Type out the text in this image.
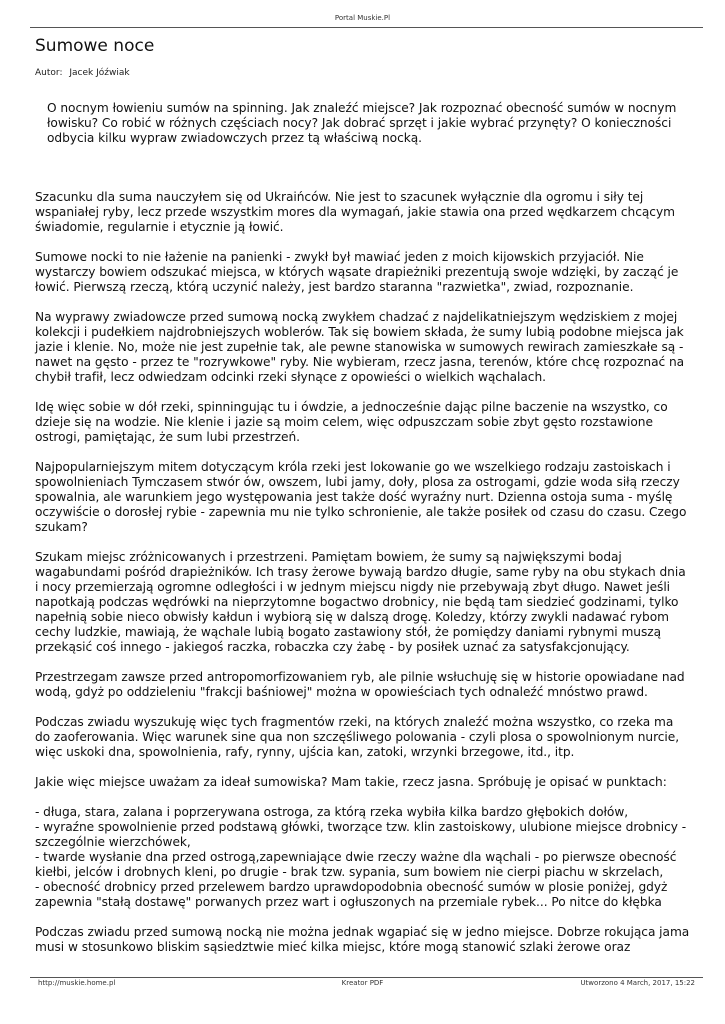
Portal Muskie.Pl
Sumowe noce
Autor: Jacek Jóźwiak

O nocnym łowieniu sumów na spinning. Jak znaleźć miejsce? Jak rozpoznać obecność sumów w nocnym łowisku? Co robić w różnych częściach nocy? Jak dobrać sprzęt i jakie wybrać przynęty? O konieczności odbycia kilku wypraw zwiadowczych przez tą właściwą nocką.

Szacunku dla suma nauczyłem się od Ukraińców. Nie jest to szacunek wyłącznie dla ogromu i siły tej wspaniałej ryby, lecz przede wszystkim mores dla wymagań, jakie stawia ona przed wędkarzem chcącym świadomie, regularnie i etycznie ją łowić.

Sumowe nocki to nie łażenie na panienki - zwykł był mawiać jeden z moich kijowskich przyjaciół. Nie wystarczy bowiem odszukać miejsca, w których wąsate drapieżniki prezentują swoje wdzięki, by zacząć je łowić. Pierwszą rzeczą, którą uczynić należy, jest bardzo staranna "razwietka", zwiad, rozpoznanie.

Na wyprawy zwiadowcze przed sumową nocką zwykłem chadzać z najdelikatniejszym wędziskiem z mojej kolekcji i pudełkiem najdrobniejszych woblerów. Tak się bowiem składa, że sumy lubią podobne miejsca jak jazie i klenie. No, może nie jest zupełnie tak, ale pewne stanowiska w sumowych rewirach zamieszkałe są - nawet na gęsto - przez te "rozrywkowe" ryby. Nie wybieram, rzecz jasna, terenów, które chcę rozpoznać na chybił trafił, lecz odwiedzam odcinki rzeki słynące z opowieści o wielkich wąchalach.

Idę więc sobie w dół rzeki, spinningując tu i ówdzie, a jednocześnie dając pilne baczenie na wszystko, co dzieje się na wodzie. Nie klenie i jazie są moim celem, więc odpuszczam sobie zbyt gęsto rozstawione ostrogi, pamiętając, że sum lubi przestrzeń.

Najpopularniejszym mitem dotyczącym króla rzeki jest lokowanie go we wszelkiego rodzaju zastoiskach i spowolnieniach Tymczasem stwór ów, owszem, lubi jamy, doły, plosa za ostrogami, gdzie woda siłą rzeczy spowalnia, ale warunkiem jego występowania jest także dość wyraźny nurt. Dzienna ostoja suma - myślę oczywiście o dorosłej rybie - zapewnia mu nie tylko schronienie, ale także posiłek od czasu do czasu. Czego szukam?

Szukam miejsc zróżnicowanych i przestrzeni. Pamiętam bowiem, że sumy są największymi bodaj wagabundami pośród drapieżników. Ich trasy żerowe bywają bardzo długie, same ryby na obu stykach dnia i nocy przemierzają ogromne odległości i w jednym miejscu nigdy nie przebywają zbyt długo. Nawet jeśli napotkają podczas wędrówki na nieprzytomne bogactwo drobnicy, nie będą tam siedzieć godzinami, tylko napełnią sobie nieco obwisły kałdun i wybiorą się w dalszą drogę. Koledzy, którzy zwykli nadawać rybom cechy ludzkie, mawiają, że wąchale lubią bogato zastawiony stół, że pomiędzy daniami rybnymi muszą przekąsić coś innego - jakiegoś raczka, robaczka czy żabę - by posiłek uznać za satysfakcjonujący.

Przestrzegam zawsze przed antropomorfizowaniem ryb, ale pilnie wsłuchuję się w historie opowiadane nad wodą, gdyż po oddzieleniu "frakcji baśniowej" można w opowieściach tych odnaleźć mnóstwo prawd.

Podczas zwiadu wyszukuję więc tych fragmentów rzeki, na których znaleźć można wszystko, co rzeka ma do zaoferowania. Więc warunek sine qua non szczęśliwego polowania - czyli plosa o spowolnionym nurcie, więc uskoki dna, spowolnienia, rafy, rynny, ujścia kan, zatoki, wrzynki brzegowe, itd., itp.

Jakie więc miejsce uważam za ideał sumowiska? Mam takie, rzecz jasna. Spróbuję je opisać w punktach:

- długa, stara, zalana i poprzerywana ostroga, za którą rzeka wybiła kilka bardzo głębokich dołów,
- wyraźne spowolnienie przed podstawą główki, tworzące tzw. klin zastoiskowy, ulubione miejsce drobnicy - szczególnie wierzchówek,
- twarde wysłanie dna przed ostrogą,zapewniające dwie rzeczy ważne dla wąchali - po pierwsze obecność kiełbi, jelców i drobnych kleni, po drugie - brak tzw. sypania, sum bowiem nie cierpi piachu w skrzelach,
- obecność drobnicy przed przelewem bardzo uprawdopodobnia obecność sumów w plosie poniżej, gdyż zapewnia "stałą dostawę" porwanych przez wart i ogłuszonych na przemiale rybek... Po nitce do kłębka

Podczas zwiadu przed sumową nocką nie można jednak wgapiać się w jedno miejsce. Dobrze rokująca jama musi w stosunkowo bliskim sąsiedztwie mieć kilka miejsc, które mogą stanowić szlaki żerowe oraz

http://muskie.home.pl	Kreator PDF	Utworzono 4 March, 2017, 15:22
